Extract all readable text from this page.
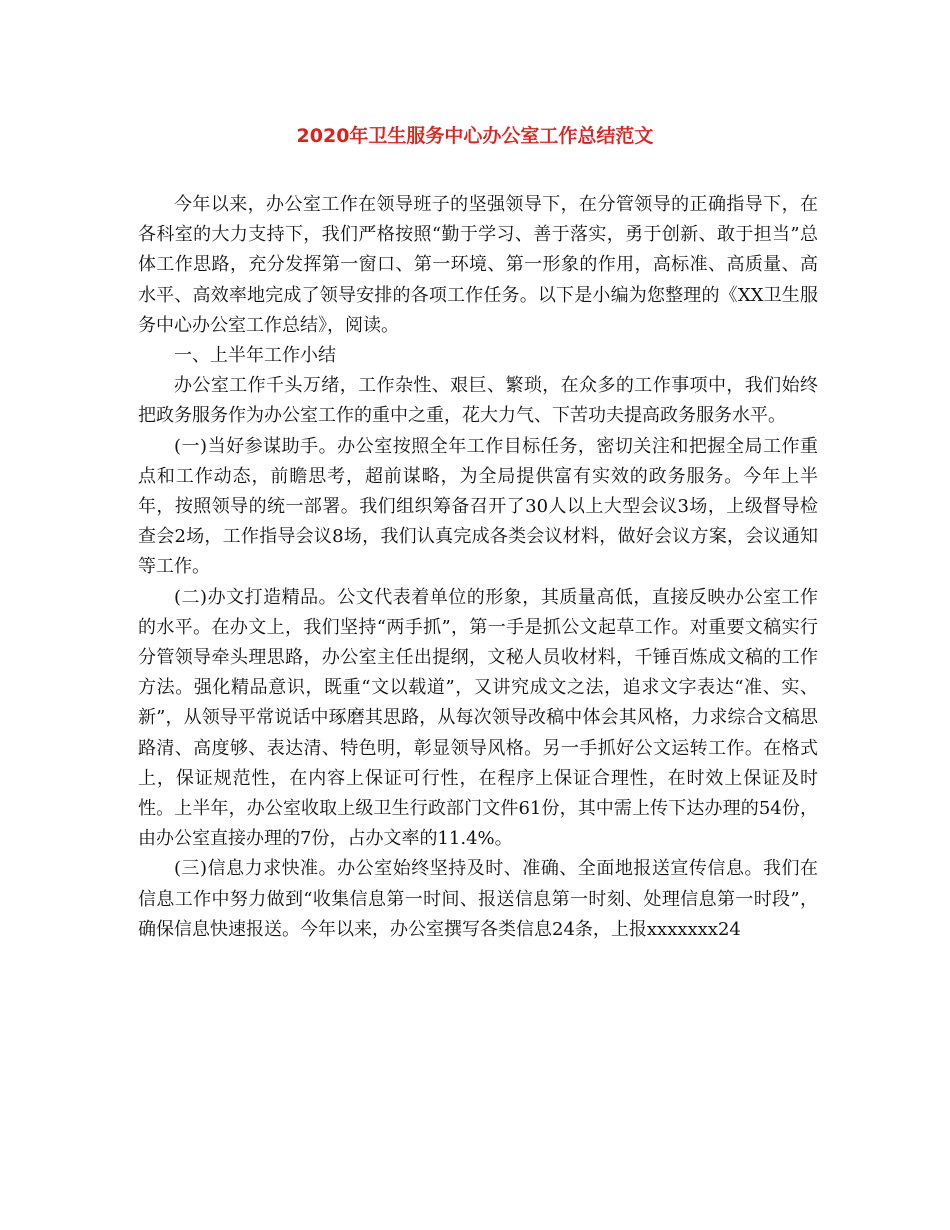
2020年卫生服务中心办公室工作总结范文

今年以来，办公室工作在领导班子的坚强领导下，在分管领导的正确指导下，在各科室的大力支持下，我们严格按照“勤于学习、善于落实，勇于创新、敢于担当”总体工作思路，充分发挥第一窗口、第一环境、第一形象的作用，高标准、高质量、高水平、高效率地完成了领导安排的各项工作任务。以下是小编为您整理的《XX卫生服务中心办公室工作总结》，阅读。

一、上半年工作小结

办公室工作千头万绪，工作杂性、艰巨、繁琐，在众多的工作事项中，我们始终把政务服务作为办公室工作的重中之重，花大力气、下苦功夫提高政务服务水平。

(一)当好参谋助手。办公室按照全年工作目标任务，密切关注和把握全局工作重点和工作动态，前瞻思考，超前谋略，为全局提供富有实效的政务服务。今年上半年，按照领导的统一部署。我们组织筹备召开了30人以上大型会议3场，上级督导检查会2场，工作指导会议8场，我们认真完成各类会议材料，做好会议方案，会议通知等工作。

(二)办文打造精品。公文代表着单位的形象，其质量高低，直接反映办公室工作的水平。在办文上，我们坚持“两手抓”，第一手是抓公文起草工作。对重要文稿实行分管领导牵头理思路，办公室主任出提纲，文秘人员收材料，千锤百炼成文稿的工作方法。强化精品意识，既重“文以载道”，又讲究成文之法，追求文字表达“准、实、新”，从领导平常说话中琢磨其思路，从每次领导改稿中体会其风格，力求综合文稿思路清、高度够、表达清、特色明，彰显领导风格。另一手抓好公文运转工作。在格式上，保证规范性，在内容上保证可行性，在程序上保证合理性，在时效上保证及时性。上半年，办公室收取上级卫生行政部门文件61份，其中需上传下达办理的54份，由办公室直接办理的7份，占办文率的11.4%。

(三)信息力求快准。办公室始终坚持及时、准确、全面地报送宣传信息。我们在信息工作中努力做到“收集信息第一时间、报送信息第一时刻、处理信息第一时段”，确保信息快速报送。今年以来，办公室撰写各类信息24条，上报xxxxxxx24
